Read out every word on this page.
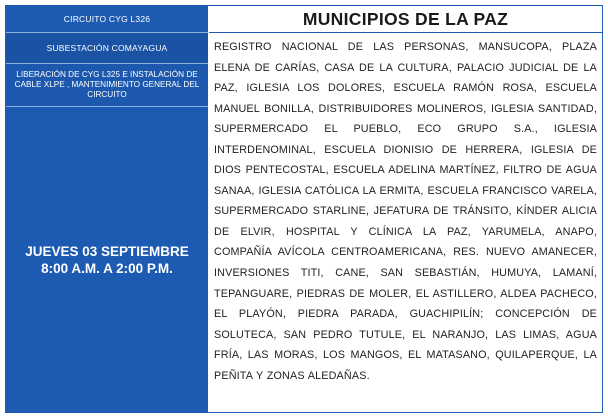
CIRCUITO CYG L326
SUBESTACIÓN COMAYAGUA
LIBERACIÓN DE CYG L325 E INSTALACIÓN DE CABLE XLPE , MANTENIMIENTO GENERAL DEL CIRCUITO
JUEVES 03 SEPTIEMBRE
8:00 A.M. A 2:00 P.M.
MUNICIPIOS DE LA PAZ
REGISTRO NACIONAL DE LAS PERSONAS, MANSUCOPA, PLAZA ELENA DE CARÍAS, CASA DE LA CULTURA, PALACIO JUDICIAL DE LA PAZ, IGLESIA LOS DOLORES, ESCUELA RAMÓN ROSA, ESCUELA MANUEL BONILLA, DISTRIBUIDORES MOLINEROS, IGLESIA SANTIDAD, SUPERMERCADO EL PUEBLO, ECO GRUPO S.A., IGLESIA INTERDENOMINAL, ESCUELA DIONISIO DE HERRERA, IGLESIA DE DIOS PENTECOSTAL, ESCUELA ADELINA MARTÍNEZ, FILTRO DE AGUA SANAA, IGLESIA CATÓLICA LA ERMITA, ESCUELA FRANCISCO VARELA, SUPERMERCADO STARLINE, JEFATURA DE TRÁNSITO, KÍNDER ALICIA DE ELVIR, HOSPITAL Y CLÍNICA LA PAZ, YARUMELA, ANAPO, COMPAÑÍA AVÍCOLA CENTROAMERICANA, RES. NUEVO AMANECER, INVERSIONES TITI, CANE, SAN SEBASTIÁN, HUMUYA, LAMANÍ, TEPANGUARE, PIEDRAS DE MOLER, EL ASTILLERO, ALDEA PACHECO, EL PLAYÓN, PIEDRA PARADA, GUACHIPILÍN; CONCEPCIÓN DE SOLUTECA, SAN PEDRO TUTULE, EL NARANJO, LAS LIMAS, AGUA FRÍA, LAS MORAS, LOS MANGOS, EL MATASANO, QUILAPERQUE, LA PEÑITA Y ZONAS ALEDAÑAS.
